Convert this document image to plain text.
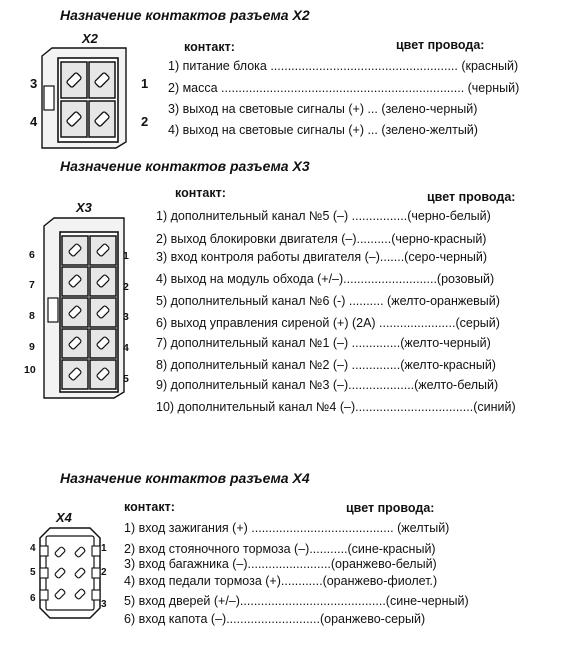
Назначение контактов разъема X2
X2
3
4
1
2
контакт:	цвет провода:
1) питание блока ...................................................... (красный)
2) масса ...................................................................... (черный)
3) выход на световые сигналы (+) ... (зелено-черный)
4) выход на световые сигналы (+) ... (зелено-желтый)
Назначение контактов разъема X3
X3
6
7
8
9
10
1
2
3
4
5
контакт:	цвет провода:
1) дополнительный канал №5 (–) ................(черно-белый)
2) выход блокировки двигателя (–)..........(черно-красный)
3) вход контроля работы двигателя (–).......(серо-черный)
4) выход на модуль обхода (+/–)...........................(розовый)
5) дополнительный канал №6 (-) .......... (желто-оранжевый)
6) выход управления сиреной (+) (2А) ......................(серый)
7) дополнительный канал №1 (–) ..............(желто-черный)
8) дополнительный канал №2 (–) ..............(желто-красный)
9) дополнительный канал №3 (–)...................(желто-белый)
10) дополнительный канал №4 (–)..................................(синий)
Назначение контактов разъема X4
X4
4
5
6
1
2
3
контакт:	цвет провода:
1) вход зажигания (+) ......................................... (желтый)
2) вход стояночного тормоза (–)...........(сине-красный)
3) вход багажника (–)........................(оранжево-белый)
4) вход педали тормоза (+)............(оранжево-фиолет.)
5) вход дверей (+/–)..........................................(сине-черный)
6) вход капота (–)...........................(оранжево-серый)
